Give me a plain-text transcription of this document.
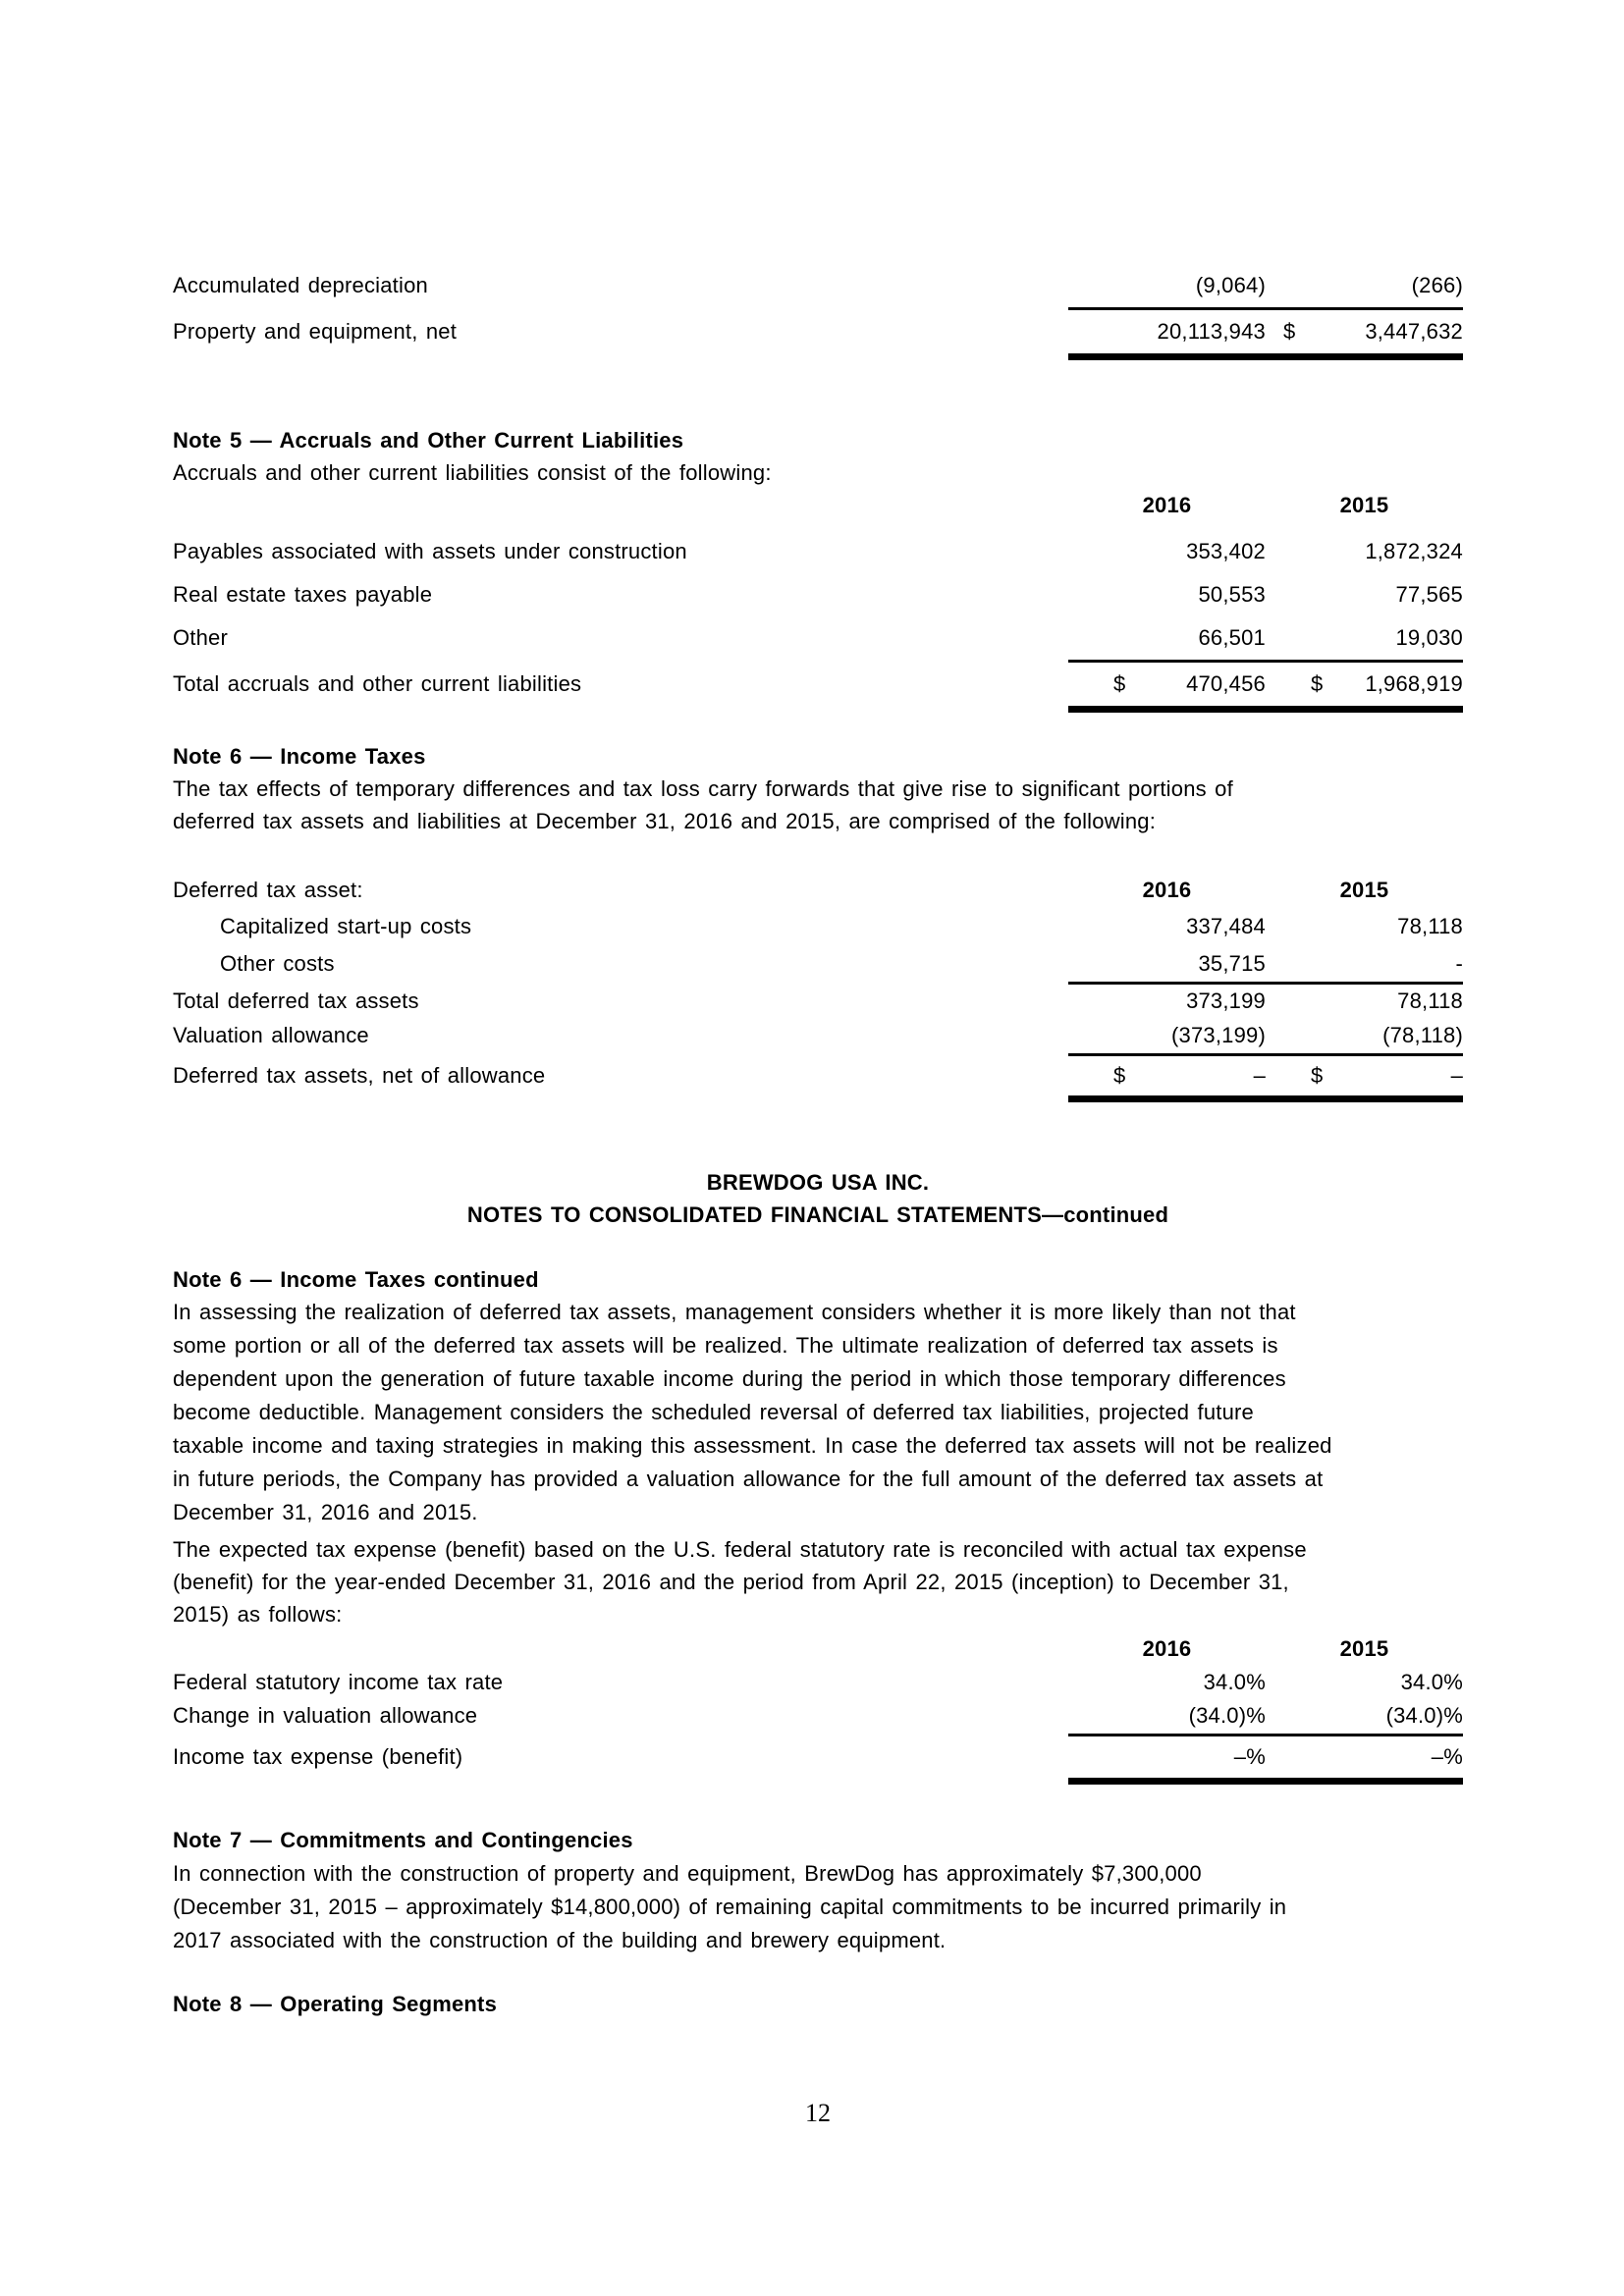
Accumulated depreciation	(9,064)	(266)
Property and equipment, net	20,113,943 $	3,447,632
Note 5 — Accruals and Other Current Liabilities
Accruals and other current liabilities consist of the following:
2016	2015
Payables associated with assets under construction	353,402	1,872,324
Real estate taxes payable	50,553	77,565
Other	66,501	19,030
Total accruals and other current liabilities	$	470,456 $ 1,968,919
Note 6 — Income Taxes
The tax effects of temporary differences and tax loss carry forwards that give rise to significant portions of
deferred tax assets and liabilities at December 31, 2016 and 2015, are comprised of the following:
Deferred tax asset:	2016	2015
Capitalized start-up costs	337,484	78,118
Other costs	35,715	-
Total deferred tax assets	373,199	78,118
Valuation allowance	(373,199)	(78,118)
Deferred tax assets, net of allowance	$	– $	–
BREWDOG USA INC.
NOTES TO CONSOLIDATED FINANCIAL STATEMENTS—continued
Note 6 — Income Taxes continued
In assessing the realization of deferred tax assets, management considers whether it is more likely than not that
some portion or all of the deferred tax assets will be realized. The ultimate realization of deferred tax assets is
dependent upon the generation of future taxable income during the period in which those temporary differences
become deductible. Management considers the scheduled reversal of deferred tax liabilities, projected future
taxable income and taxing strategies in making this assessment. In case the deferred tax assets will not be realized
in future periods, the Company has provided a valuation allowance for the full amount of the deferred tax assets at
December 31, 2016 and 2015.
The expected tax expense (benefit) based on the U.S. federal statutory rate is reconciled with actual tax expense
(benefit) for the year-ended December 31, 2016 and the period from April 22, 2015 (inception) to December 31,
2015) as follows:
2016	2015
Federal statutory income tax rate	34.0%	34.0%
Change in valuation allowance	(34.0)%	(34.0)%
Income tax expense (benefit)	–%	–%
Note 7 — Commitments and Contingencies
In connection with the construction of property and equipment, BrewDog has approximately $7,300,000
(December 31, 2015 – approximately $14,800,000) of remaining capital commitments to be incurred primarily in
2017 associated with the construction of the building and brewery equipment.
Note 8 — Operating Segments
12
